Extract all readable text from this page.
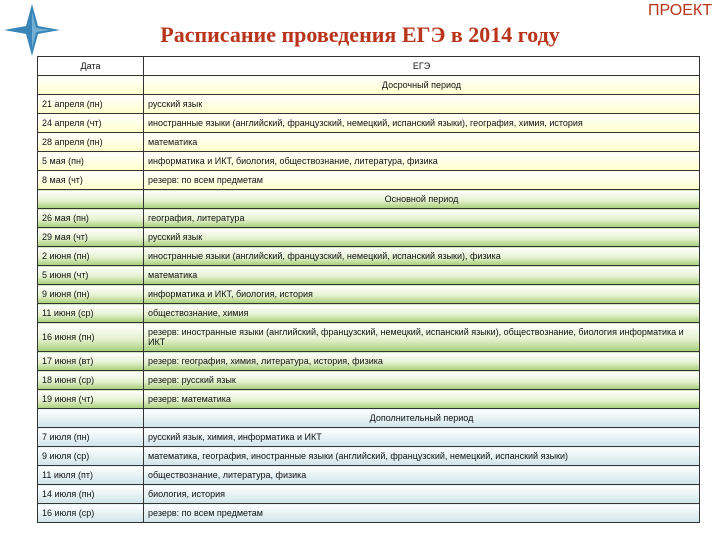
ПРОЕКТ
Расписание проведения ЕГЭ в 2014 году
Дата	ЕГЭ
	Досрочный период
21 апреля (пн)	русский язык
24 апреля (чт)	иностранные языки (английский, французский, немецкий, испанский языки), география, химия, история
28 апреля (пн)	математика
5 мая (пн)	информатика и ИКТ, биология, обществознание, литература, физика
8 мая (чт)	резерв: по всем предметам
	Основной период
26 мая (пн)	география, литература
29 мая (чт)	русский язык
2 июня (пн)	иностранные языки (английский, французский, немецкий, испанский языки), физика
5 июня (чт)	математика
9 июня (пн)	информатика и ИКТ, биология, история
11 июня (ср)	обществознание, химия
16 июня (пн)	резерв: иностранные языки (английский, французский, немецкий, испанский языки), обществознание, биология информатика и ИКТ
17 июня (вт)	резерв: география, химия, литература, история, физика
18 июня (ср)	резерв: русский язык
19 июня (чт)	резерв: математика
	Дополнительный период
7 июля (пн)	русский язык, химия, информатика и ИКТ
9 июля (ср)	математика, география, иностранные языки (английский, французский, немецкий, испанский языки)
11 июля (пт)	обществознание, литература, физика
14 июля (пн)	биология, история
16 июля (ср)	резерв: по всем предметам
